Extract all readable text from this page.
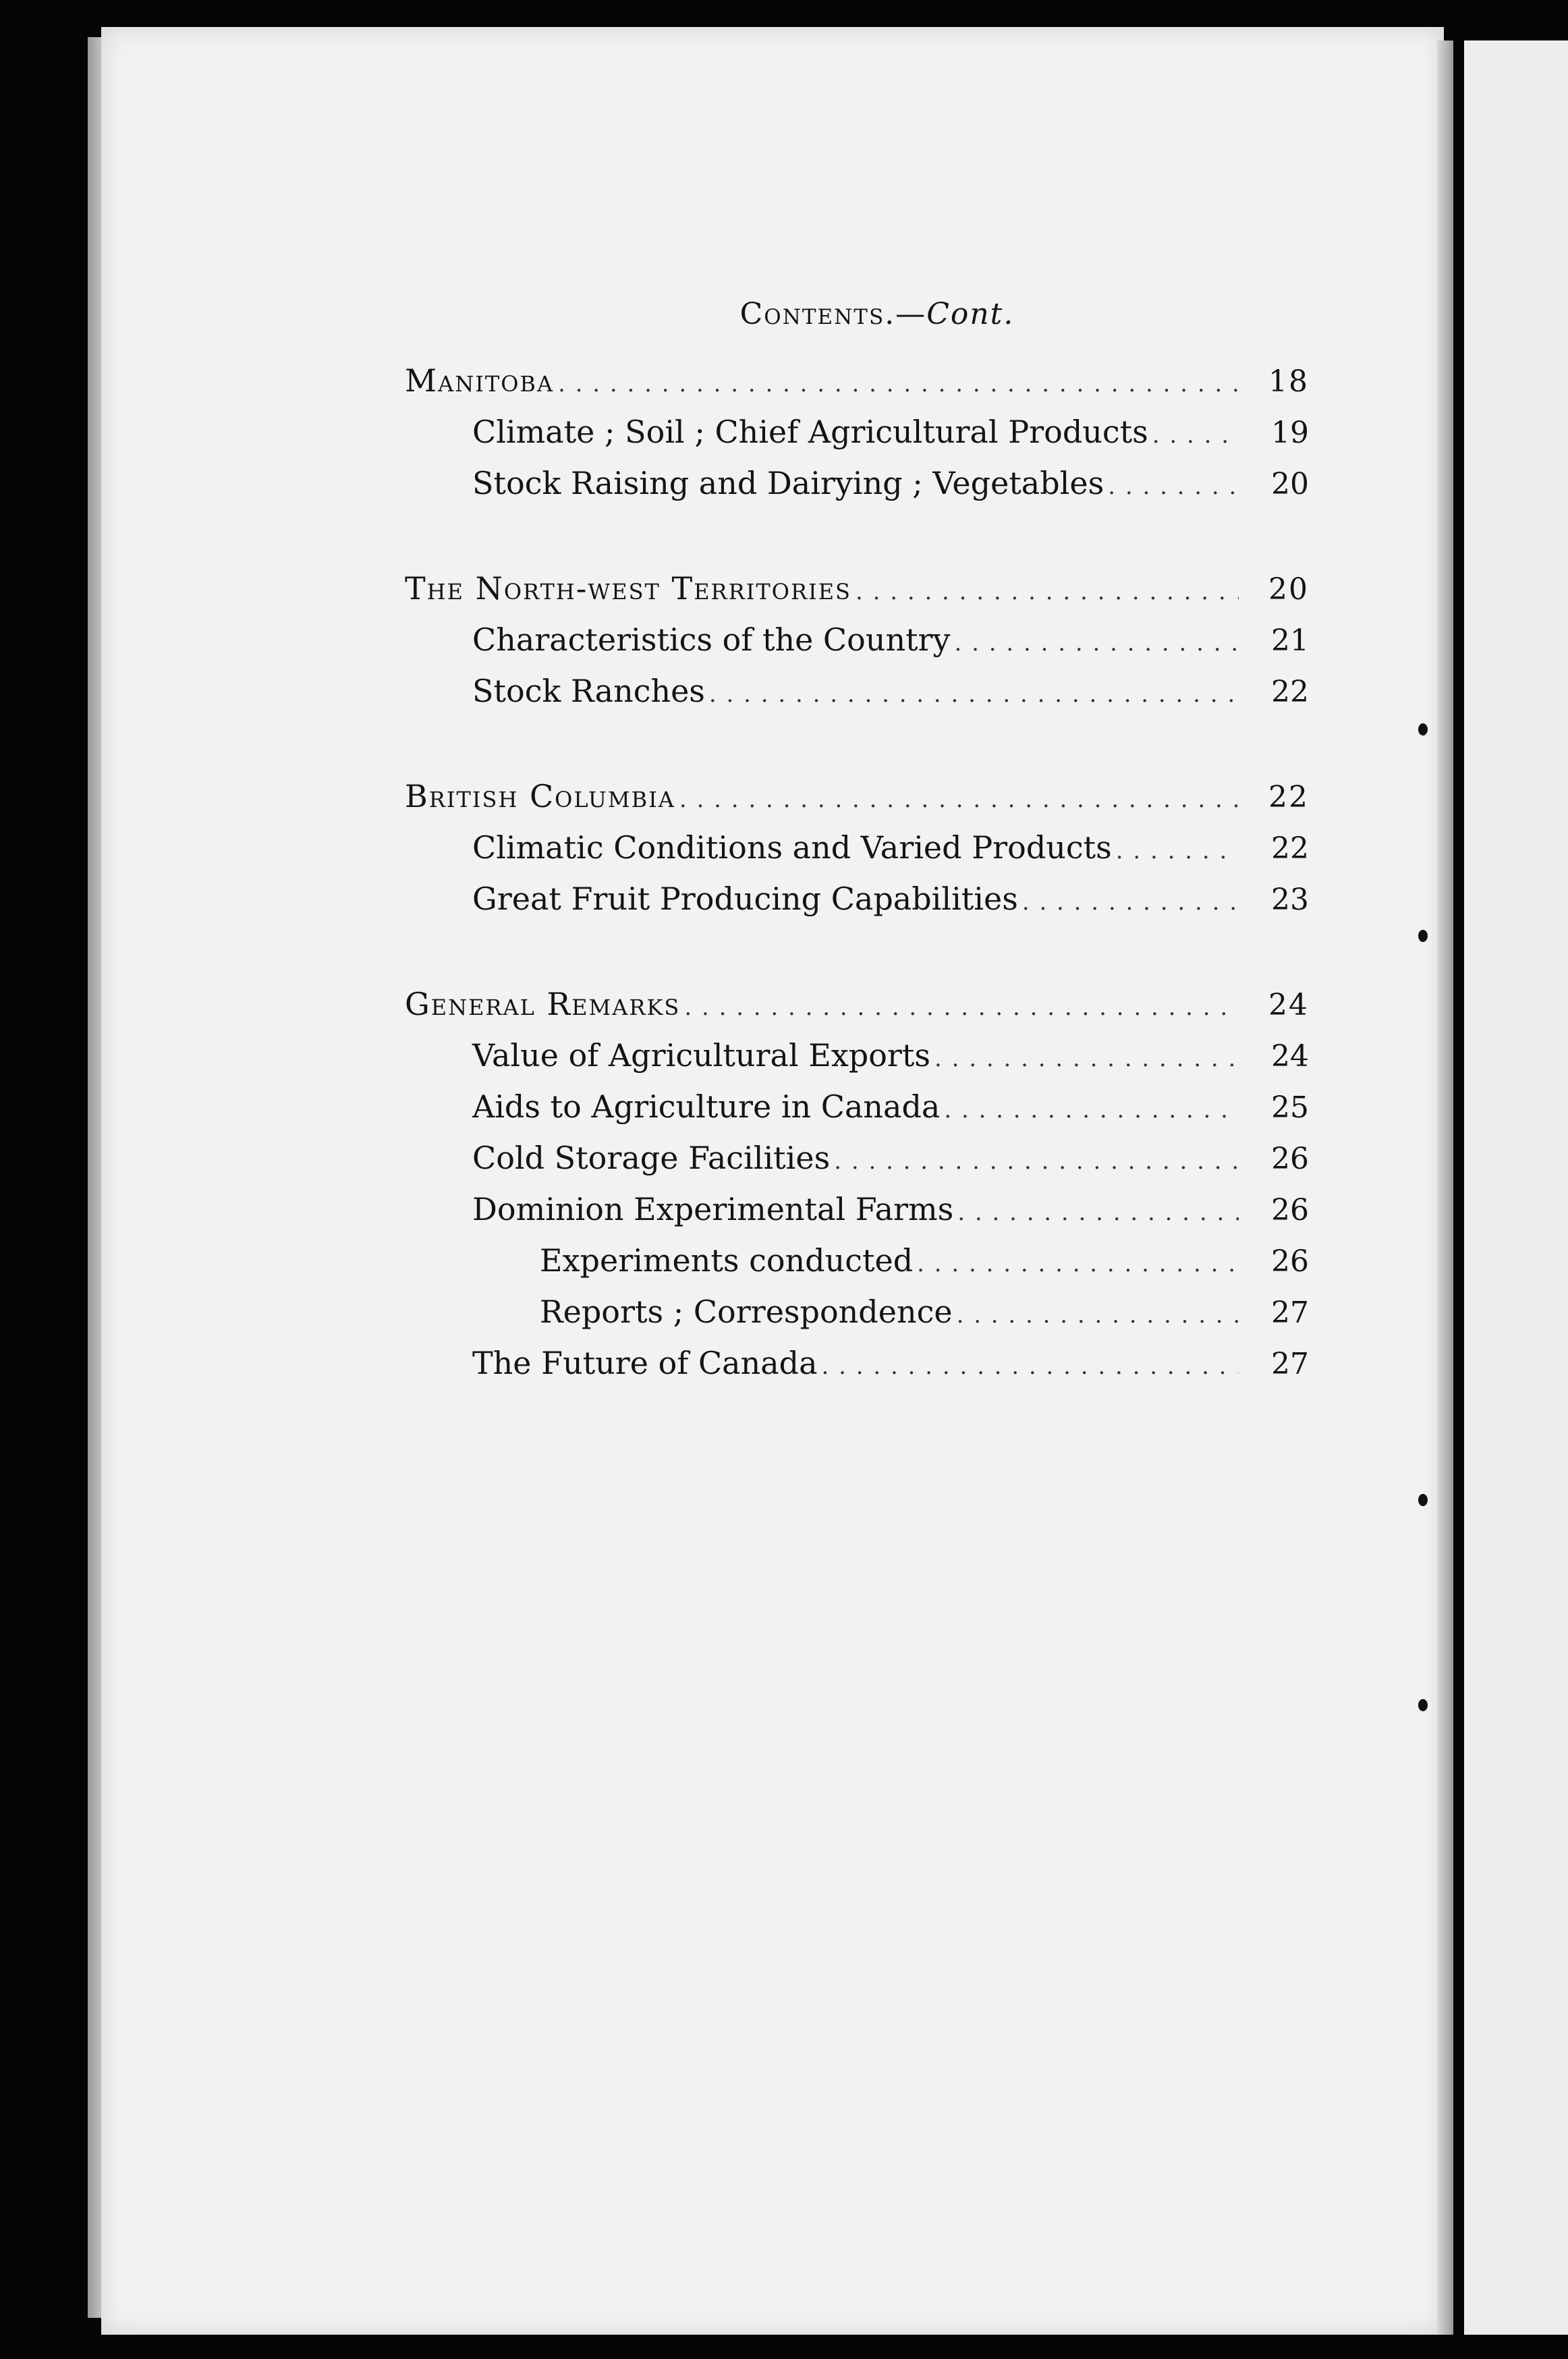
Contents.—Cont.
Manitoba . . .	18
Climate ; Soil ; Chief Agricultural Products . . .	19
Stock Raising and Dairying ; Vegetables . . .	20
The North-west Territories . . .	20
Characteristics of the Country . . .	21
Stock Ranches . . .	22
British Columbia . . .	22
Climatic Conditions and Varied Products . . .	22
Great Fruit Producing Capabilities . . .	23
General Remarks . . .	24
Value of Agricultural Exports . . .	24
Aids to Agriculture in Canada . . .	25
Cold Storage Facilities . . .	26
Dominion Experimental Farms . . .	26
Experiments conducted . . .	26
Reports ; Correspondence . . .	27
The Future of Canada . . .	27
